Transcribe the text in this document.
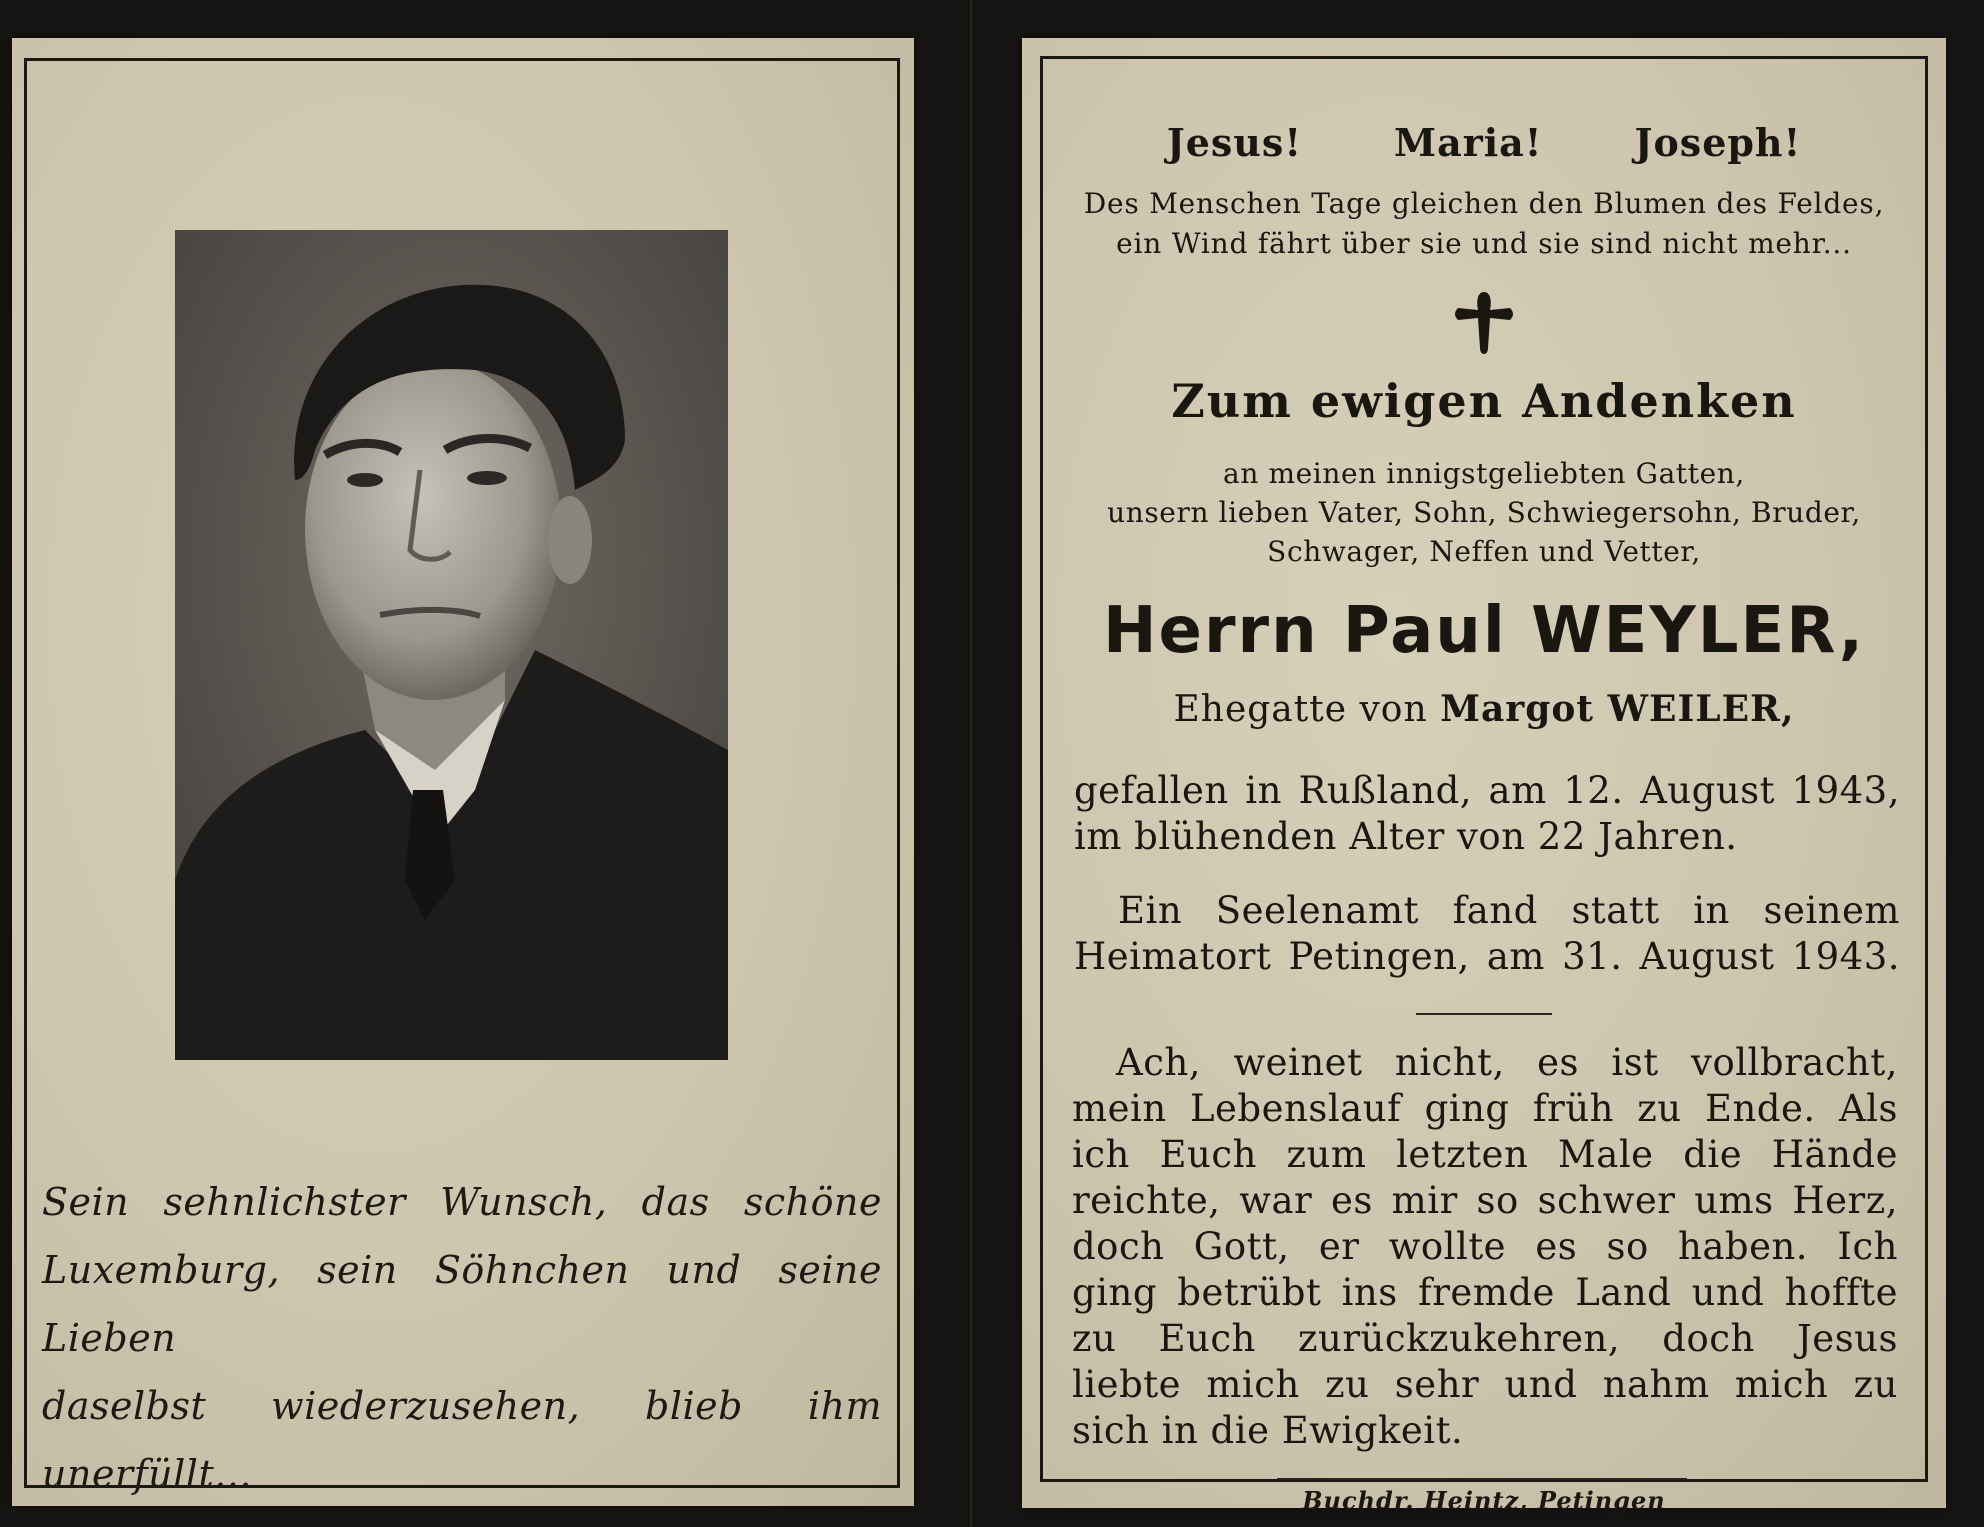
Sein sehnlichster Wunsch, das schöne
Luxemburg, sein Söhnchen und seine Lieben
daselbst wiederzusehen, blieb ihm unerfüllt...
Jesus! Maria! Joseph!
Des Menschen Tage gleichen den Blumen des Feldes,
ein Wind fährt über sie und sie sind nicht mehr...
Zum ewigen Andenken
an meinen innigstgeliebten Gatten,
unsern lieben Vater, Sohn, Schwiegersohn, Bruder,
Schwager, Neffen und Vetter,
Herrn Paul WEYLER,
Ehegatte von Margot WEILER,
gefallen in Rußland, am 12. August 1943,
im blühenden Alter von 22 Jahren.
Ein Seelenamt fand statt in seinem
Heimatort Petingen, am 31. August 1943.
Ach, weinet nicht, es ist vollbracht,
mein Lebenslauf ging früh zu Ende. Als
ich Euch zum letzten Male die Hände
reichte, war es mir so schwer ums Herz,
doch Gott, er wollte es so haben. Ich
ging betrübt ins fremde Land und hoffte
zu Euch zurückzukehren, doch Jesus
liebte mich zu sehr und nahm mich zu
sich in die Ewigkeit.
Buchdr. Heintz, Petingen
